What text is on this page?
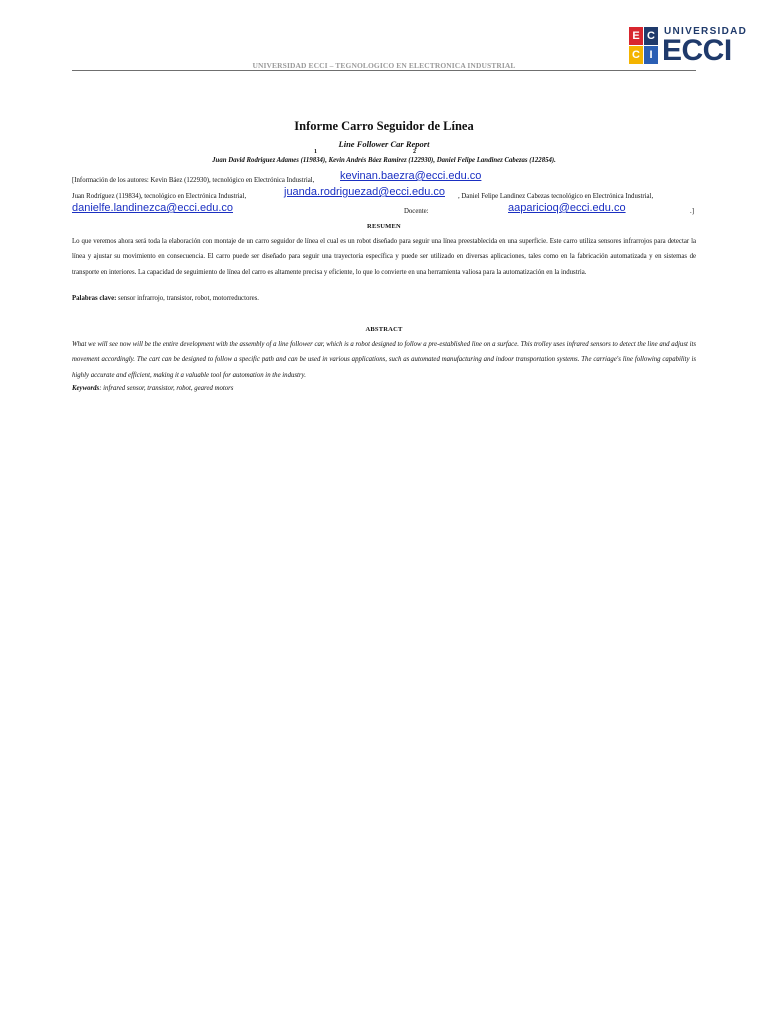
E C
C I
UNIVERSIDAD
ECCI
UNIVERSIDAD ECCI – TEGNOLOGICO EN ELECTRONICA INDUSTRIAL
Informe Carro Seguidor de Línea
Line Follower Car Report
1	2
Juan David Rodriguez Adames (119834), Kevin Andrés Báez Ramirez (122930), Daniel Felipe Landinez Cabezas (122854).
[Información de los autores: Kevin Báez (122930), tecnológico en Electrónica Industrial, kevinan.baezra@ecci.edu.co
Juan Rodríguez (119834), tecnológico en Electrónica Industrial,	juanda.rodriguezad@ecci.edu.co , Daniel Felipe Landinez Cabezas tecnológico en Electrónica Industrial,
danielfe.landinezca@ecci.edu.co	Docente:	aaparicioq@ecci.edu.co	.]
RESUMEN
Lo que veremos ahora será toda la elaboración con montaje de un carro seguidor de línea el cual es un robot diseñado para seguir una línea preestablecida en una superficie. Este carro utiliza sensores infrarrojos para detectar la línea y ajustar su movimiento en consecuencia. El carro puede ser diseñado para seguir una trayectoria específica y puede ser utilizado en diversas aplicaciones, tales como en la fabricación automatizada y en sistemas de transporte en interiores. La capacidad de seguimiento de línea del carro es altamente precisa y eficiente, lo que lo convierte en una herramienta valiosa para la automatización en la industria.
Palabras clave: sensor infrarrojo, transistor, robot, motorreductores.
ABSTRACT
What we will see now will be the entire development with the assembly of a line follower car, which is a robot designed to follow a pre-established line on a surface. This trolley uses infrared sensors to detect the line and adjust its movement accordingly. The cart can be designed to follow a specific path and can be used in various applications, such as automated manufacturing and indoor transportation systems. The carriage's line following capability is highly accurate and efficient, making it a valuable tool for automation in the industry.
Keywords: infrared sensor, transistor, robot, geared motors
